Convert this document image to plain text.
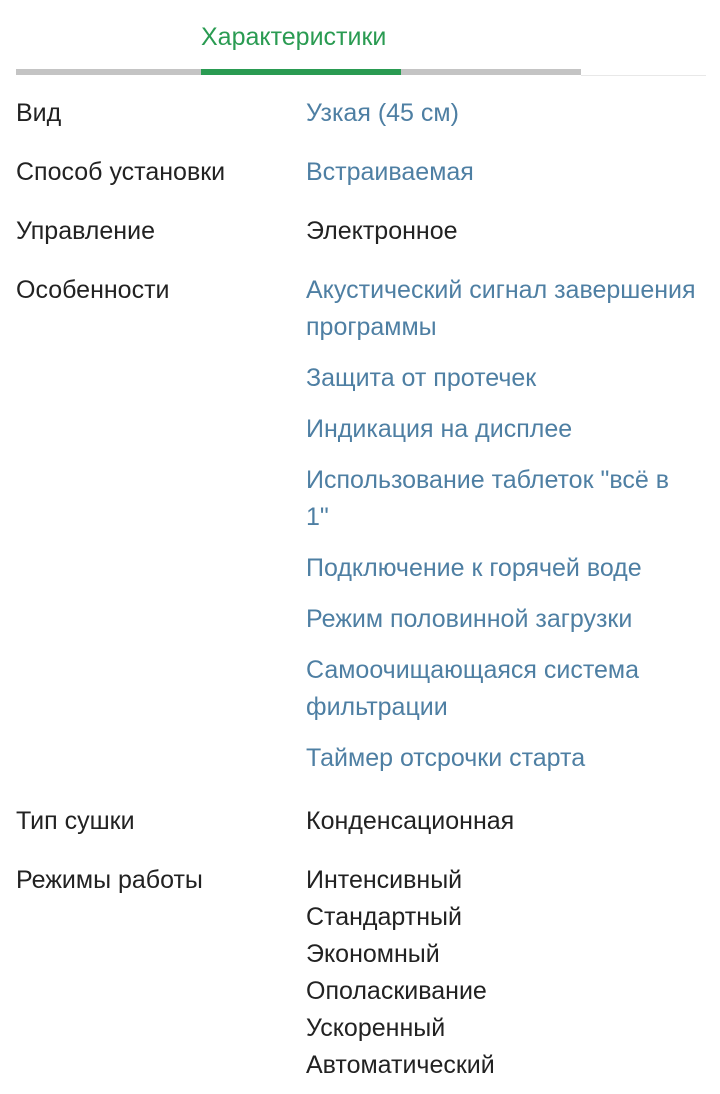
Характеристики
Вид	Узкая (45 см)
Способ установки	Встраиваемая
Управление	Электронное
Особенности	Акустический сигнал завершения программы
Защита от протечек
Индикация на дисплее
Использование таблеток "всё в 1"
Подключение к горячей воде
Режим половинной загрузки
Самоочищающаяся система фильтрации
Таймер отсрочки старта
Тип сушки	Конденсационная
Режимы работы	Интенсивный
Стандартный
Экономный
Ополаскивание
Ускоренный
Автоматический
